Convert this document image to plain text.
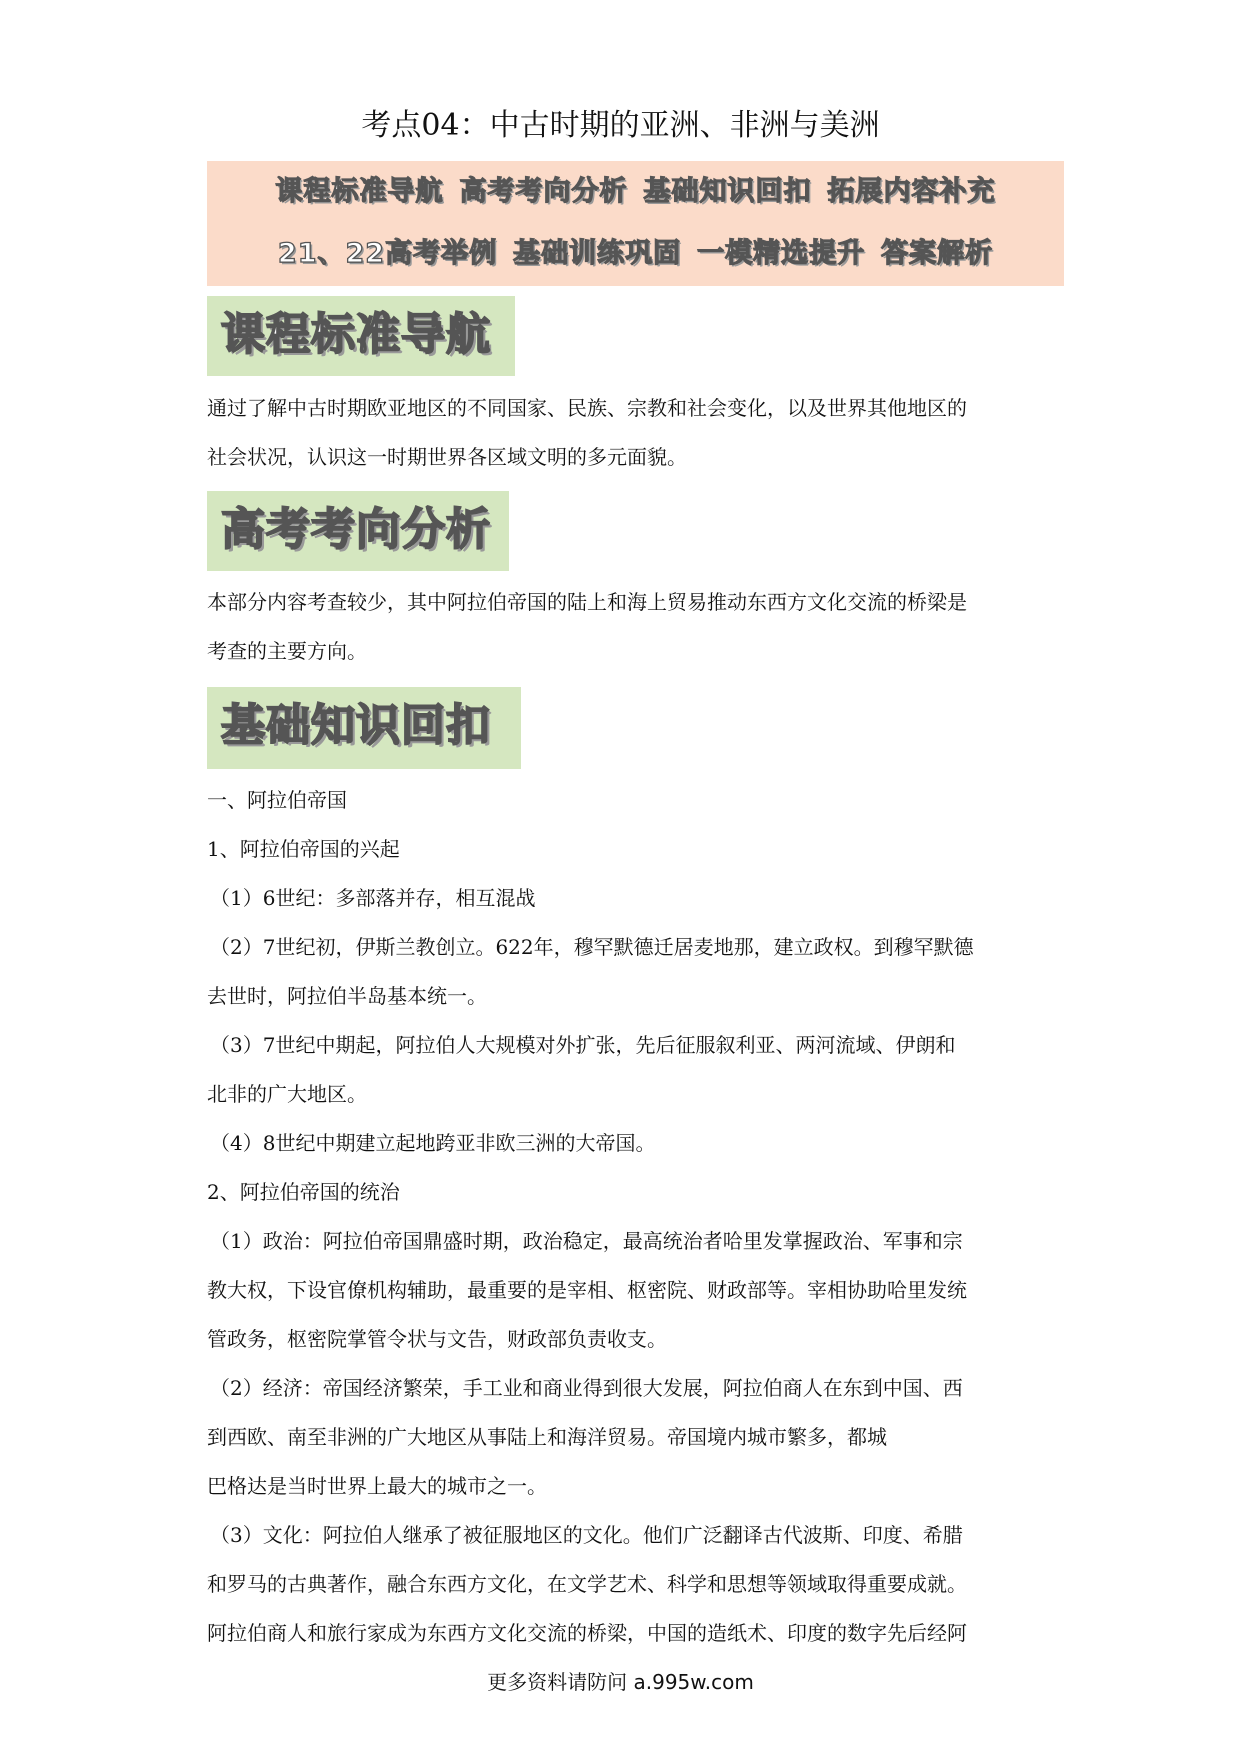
考点04：中古时期的亚洲、非洲与美洲
课程标准导航 高考考向分析 基础知识回扣 拓展内容补充
21、22高考举例 基础训练巩固 一模精选提升 答案解析
课程标准导航
通过了解中古时期欧亚地区的不同国家、民族、宗教和社会变化，以及世界其他地区的
社会状况，认识这一时期世界各区域文明的多元面貌。
高考考向分析
本部分内容考查较少，其中阿拉伯帝国的陆上和海上贸易推动东西方文化交流的桥梁是
考查的主要方向。
基础知识回扣
一、阿拉伯帝国
1、阿拉伯帝国的兴起
（1）6世纪：多部落并存，相互混战
（2）7世纪初，伊斯兰教创立。622年，穆罕默德迁居麦地那，建立政权。到穆罕默德
去世时，阿拉伯半岛基本统一。
（3）7世纪中期起，阿拉伯人大规模对外扩张，先后征服叙利亚、两河流域、伊朗和
北非的广大地区。
（4）8世纪中期建立起地跨亚非欧三洲的大帝国。
2、阿拉伯帝国的统治
（1）政治：阿拉伯帝国鼎盛时期，政治稳定，最高统治者哈里发掌握政治、军事和宗
教大权，下设官僚机构辅助，最重要的是宰相、枢密院、财政部等。宰相协助哈里发统
管政务，枢密院掌管令状与文告，财政部负责收支。
（2）经济：帝国经济繁荣，手工业和商业得到很大发展，阿拉伯商人在东到中国、西
到西欧、南至非洲的广大地区从事陆上和海洋贸易。帝国境内城市繁多，都城
巴格达是当时世界上最大的城市之一。
（3）文化：阿拉伯人继承了被征服地区的文化。他们广泛翻译古代波斯、印度、希腊
和罗马的古典著作，融合东西方文化，在文学艺术、科学和思想等领域取得重要成就。
阿拉伯商人和旅行家成为东西方文化交流的桥梁，中国的造纸术、印度的数字先后经阿
更多资料请防问 a.995w.com
